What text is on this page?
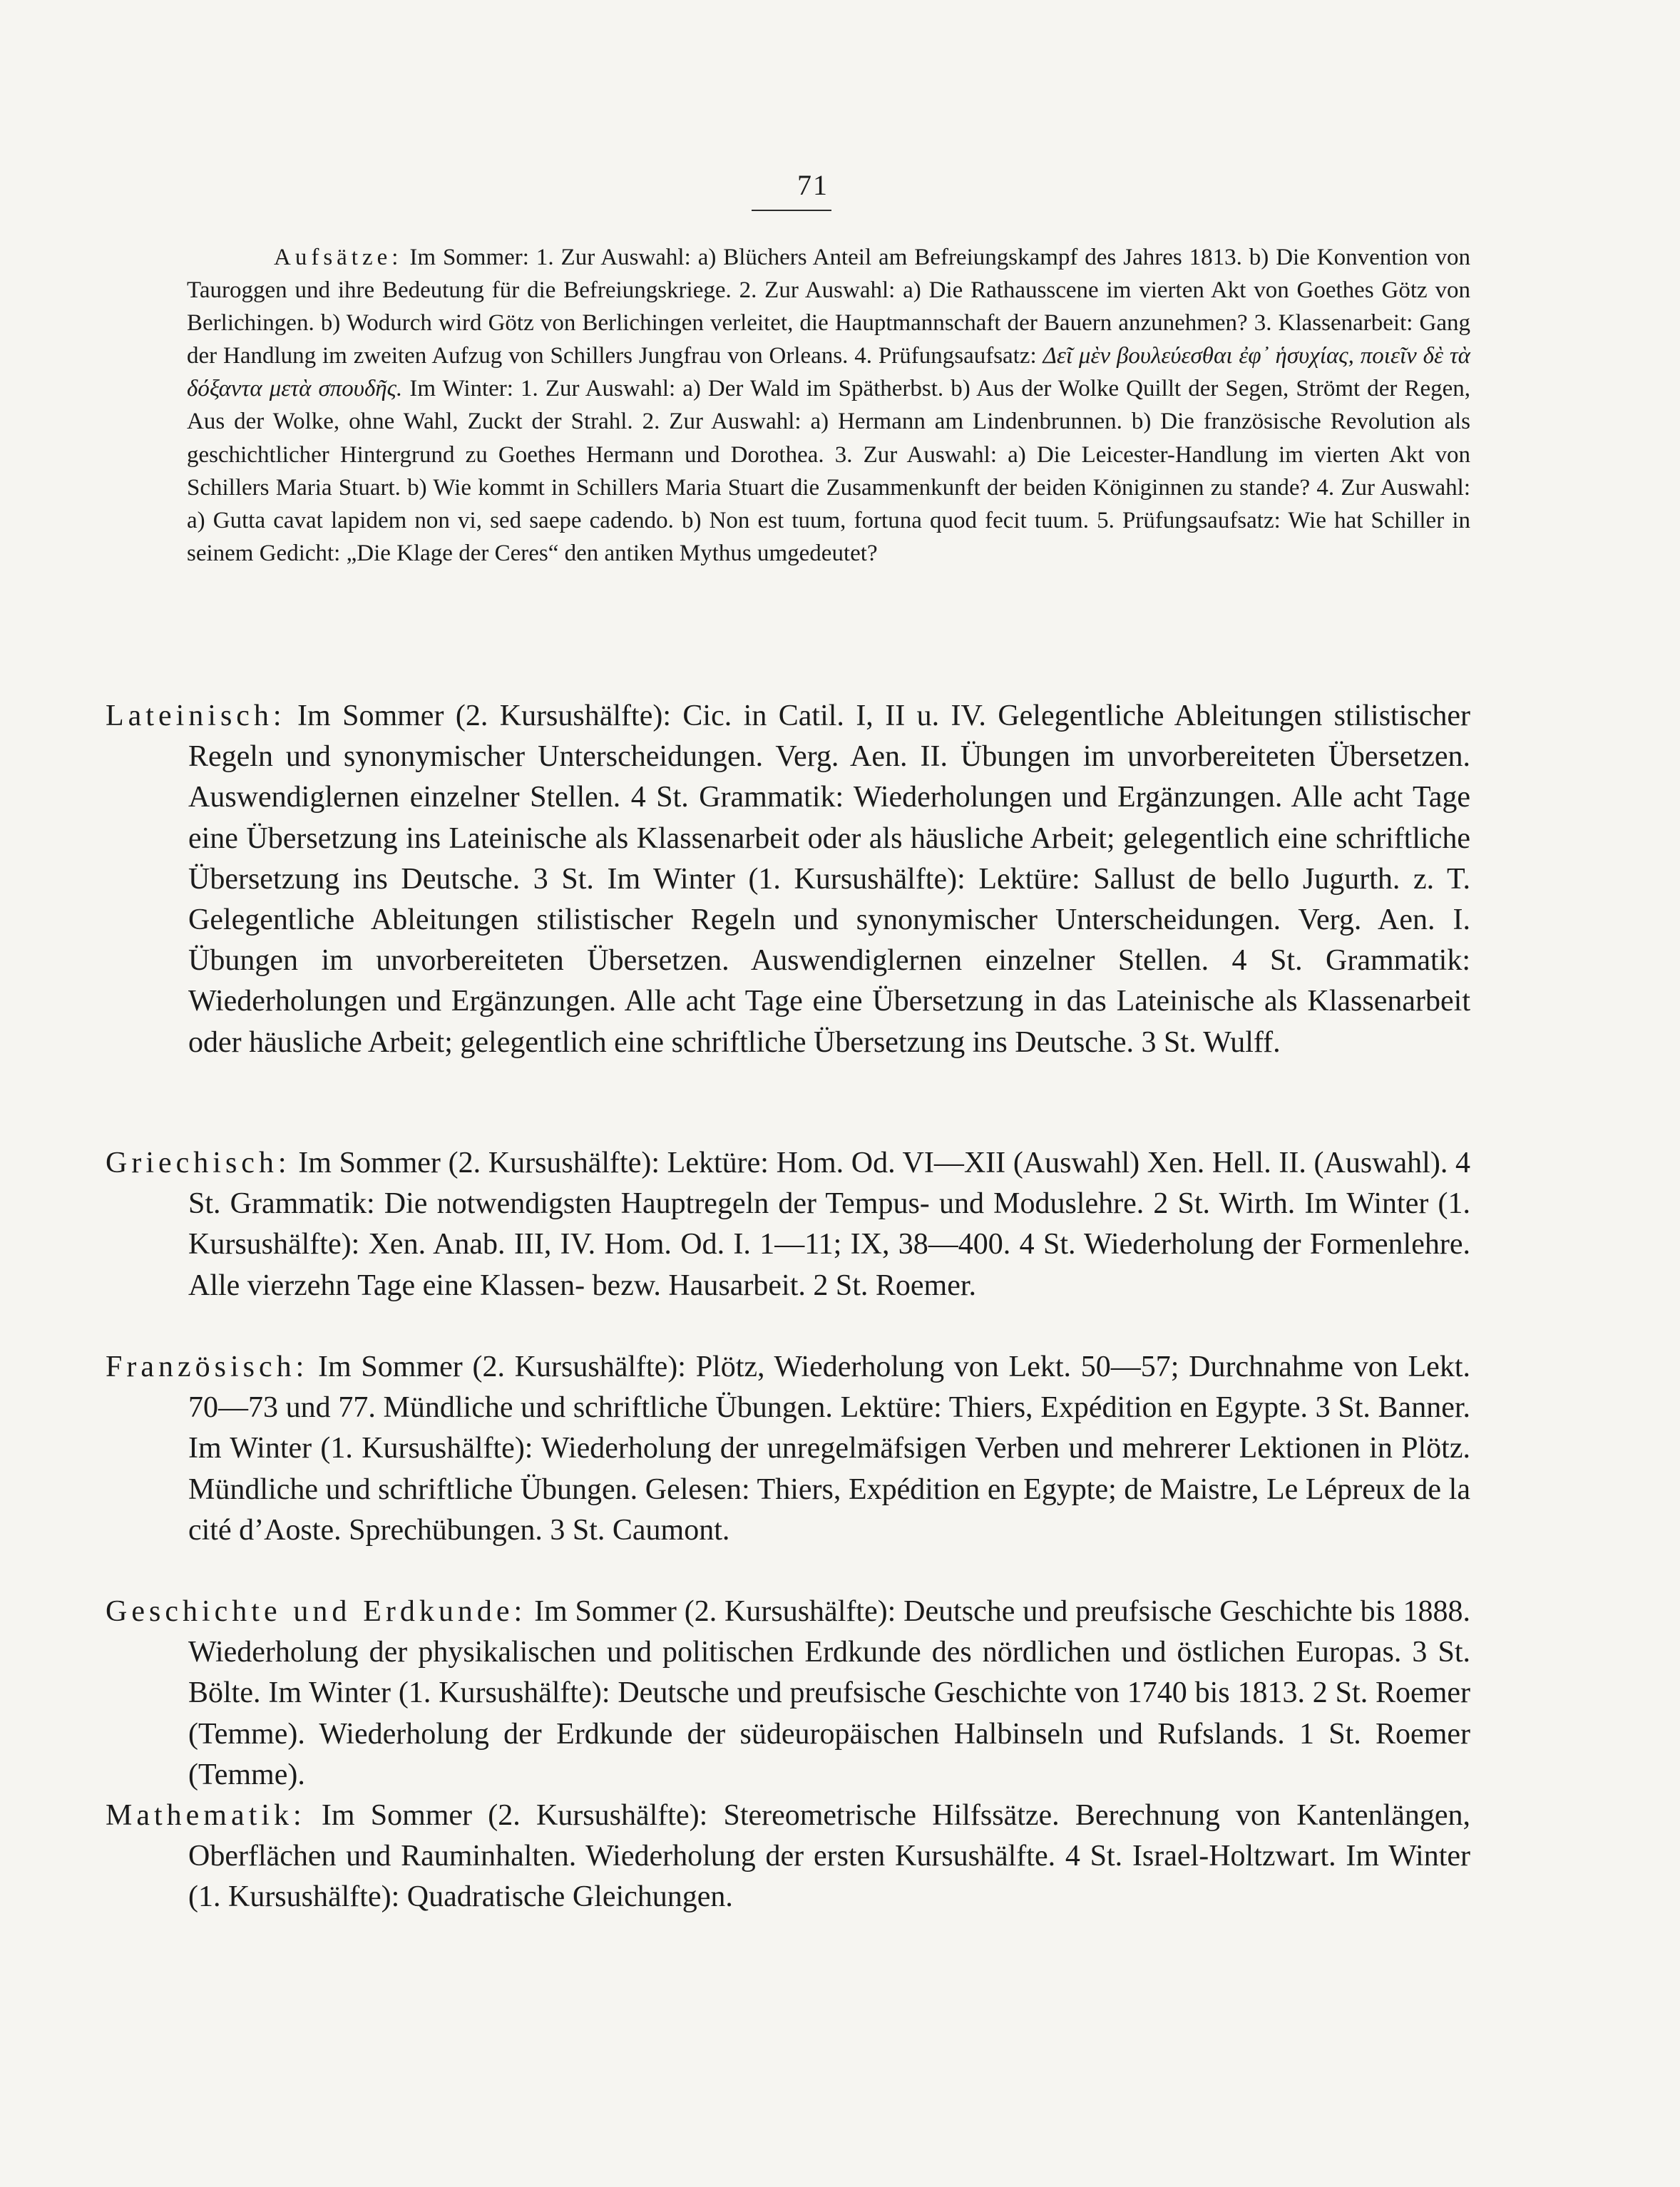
71
Aufsätze: Im Sommer: 1. Zur Auswahl: a) Blüchers Anteil am Befreiungskampf des Jahres 1813. b) Die Konvention von Tauroggen und ihre Bedeutung für die Befreiungskriege. 2. Zur Auswahl: a) Die Rathausscene im vierten Akt von Goethes Götz von Berlichingen. b) Wodurch wird Götz von Berlichingen verleitet, die Hauptmannschaft der Bauern anzunehmen? 3. Klassenarbeit: Gang der Handlung im zweiten Aufzug von Schillers Jungfrau von Orleans. 4. Prüfungsaufsatz: Δεῖ μὲν βουλεύεσθαι ἐφ᾽ ἡσυχίας, ποιεῖν δὲ τὰ δόξαντα μετὰ σπουδῆς. Im Winter: 1. Zur Auswahl: a) Der Wald im Spätherbst. b) Aus der Wolke Quillt der Segen, Strömt der Regen, Aus der Wolke, ohne Wahl, Zuckt der Strahl. 2. Zur Auswahl: a) Hermann am Lindenbrunnen. b) Die französische Revolution als geschichtlicher Hintergrund zu Goethes Hermann und Dorothea. 3. Zur Auswahl: a) Die Leicester-Handlung im vierten Akt von Schillers Maria Stuart. b) Wie kommt in Schillers Maria Stuart die Zusammenkunft der beiden Königinnen zu stande? 4. Zur Auswahl: a) Gutta cavat lapidem non vi, sed saepe cadendo. b) Non est tuum, fortuna quod fecit tuum. 5. Prüfungsaufsatz: Wie hat Schiller in seinem Gedicht: „Die Klage der Ceres“ den antiken Mythus umgedeutet?
Lateinisch: Im Sommer (2. Kursushälfte): Cic. in Catil. I, II u. IV. Gelegentliche Ableitungen stilistischer Regeln und synonymischer Unterscheidungen. Verg. Aen. II. Übungen im unvorbereiteten Übersetzen. Auswendiglernen einzelner Stellen. 4 St. Grammatik: Wiederholungen und Ergänzungen. Alle acht Tage eine Übersetzung ins Lateinische als Klassenarbeit oder als häusliche Arbeit; gelegentlich eine schriftliche Übersetzung ins Deutsche. 3 St. Im Winter (1. Kursushälfte): Lektüre: Sallust de bello Jugurth. z. T. Gelegentliche Ableitungen stilistischer Regeln und synonymischer Unterscheidungen. Verg. Aen. I. Übungen im unvorbereiteten Übersetzen. Auswendiglernen einzelner Stellen. 4 St. Grammatik: Wiederholungen und Ergänzungen. Alle acht Tage eine Übersetzung in das Lateinische als Klassenarbeit oder häusliche Arbeit; gelegentlich eine schriftliche Übersetzung ins Deutsche. 3 St. Wulff.
Griechisch: Im Sommer (2. Kursushälfte): Lektüre: Hom. Od. VI—XII (Auswahl) Xen. Hell. II. (Auswahl). 4 St. Grammatik: Die notwendigsten Hauptregeln der Tempus- und Moduslehre. 2 St. Wirth. Im Winter (1. Kursushälfte): Xen. Anab. III, IV. Hom. Od. I. 1—11; IX, 38—400. 4 St. Wiederholung der Formenlehre. Alle vierzehn Tage eine Klassen- bezw. Hausarbeit. 2 St. Roemer.
Französisch: Im Sommer (2. Kursushälfte): Plötz, Wiederholung von Lekt. 50—57; Durchnahme von Lekt. 70—73 und 77. Mündliche und schriftliche Übungen. Lektüre: Thiers, Expédition en Egypte. 3 St. Banner. Im Winter (1. Kursushälfte): Wiederholung der unregelmäfsigen Verben und mehrerer Lektionen in Plötz. Mündliche und schriftliche Übungen. Gelesen: Thiers, Expédition en Egypte; de Maistre, Le Lépreux de la cité d’Aoste. Sprechübungen. 3 St. Caumont.
Geschichte und Erdkunde: Im Sommer (2. Kursushälfte): Deutsche und preufsische Geschichte bis 1888. Wiederholung der physikalischen und politischen Erdkunde des nördlichen und östlichen Europas. 3 St. Bölte. Im Winter (1. Kursushälfte): Deutsche und preufsische Geschichte von 1740 bis 1813. 2 St. Roemer (Temme). Wiederholung der Erdkunde der südeuropäischen Halbinseln und Rufslands. 1 St. Roemer (Temme).
Mathematik: Im Sommer (2. Kursushälfte): Stereometrische Hilfssätze. Berechnung von Kantenlängen, Oberflächen und Rauminhalten. Wiederholung der ersten Kursushälfte. 4 St. Israel-Holtzwart. Im Winter (1. Kursushälfte): Quadratische Gleichungen.
